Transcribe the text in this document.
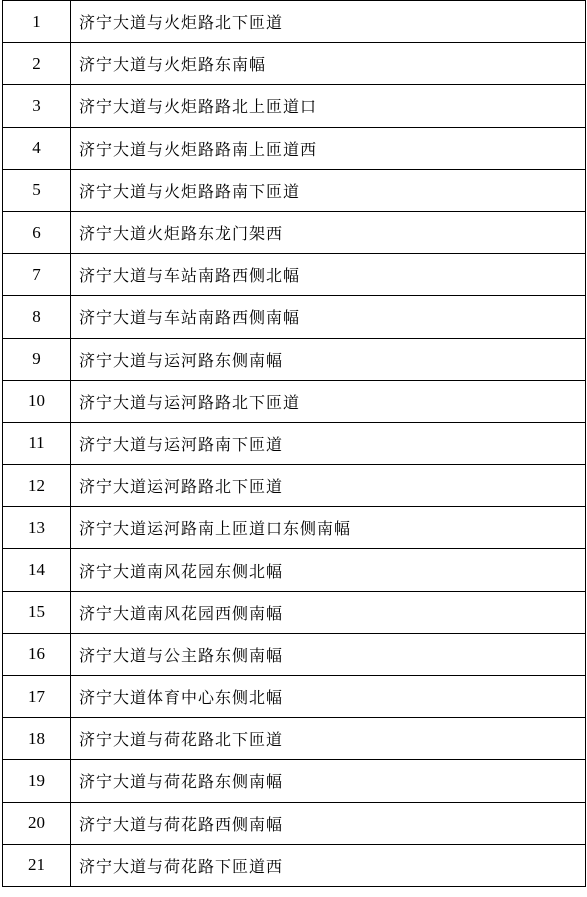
1	济宁大道与火炬路北下匝道
2	济宁大道与火炬路东南幅
3	济宁大道与火炬路路北上匝道口
4	济宁大道与火炬路路南上匝道西
5	济宁大道与火炬路路南下匝道
6	济宁大道火炬路东龙门架西
7	济宁大道与车站南路西侧北幅
8	济宁大道与车站南路西侧南幅
9	济宁大道与运河路东侧南幅
10	济宁大道与运河路路北下匝道
11	济宁大道与运河路南下匝道
12	济宁大道运河路路北下匝道
13	济宁大道运河路南上匝道口东侧南幅
14	济宁大道南风花园东侧北幅
15	济宁大道南风花园西侧南幅
16	济宁大道与公主路东侧南幅
17	济宁大道体育中心东侧北幅
18	济宁大道与荷花路北下匝道
19	济宁大道与荷花路东侧南幅
20	济宁大道与荷花路西侧南幅
21	济宁大道与荷花路下匝道西
